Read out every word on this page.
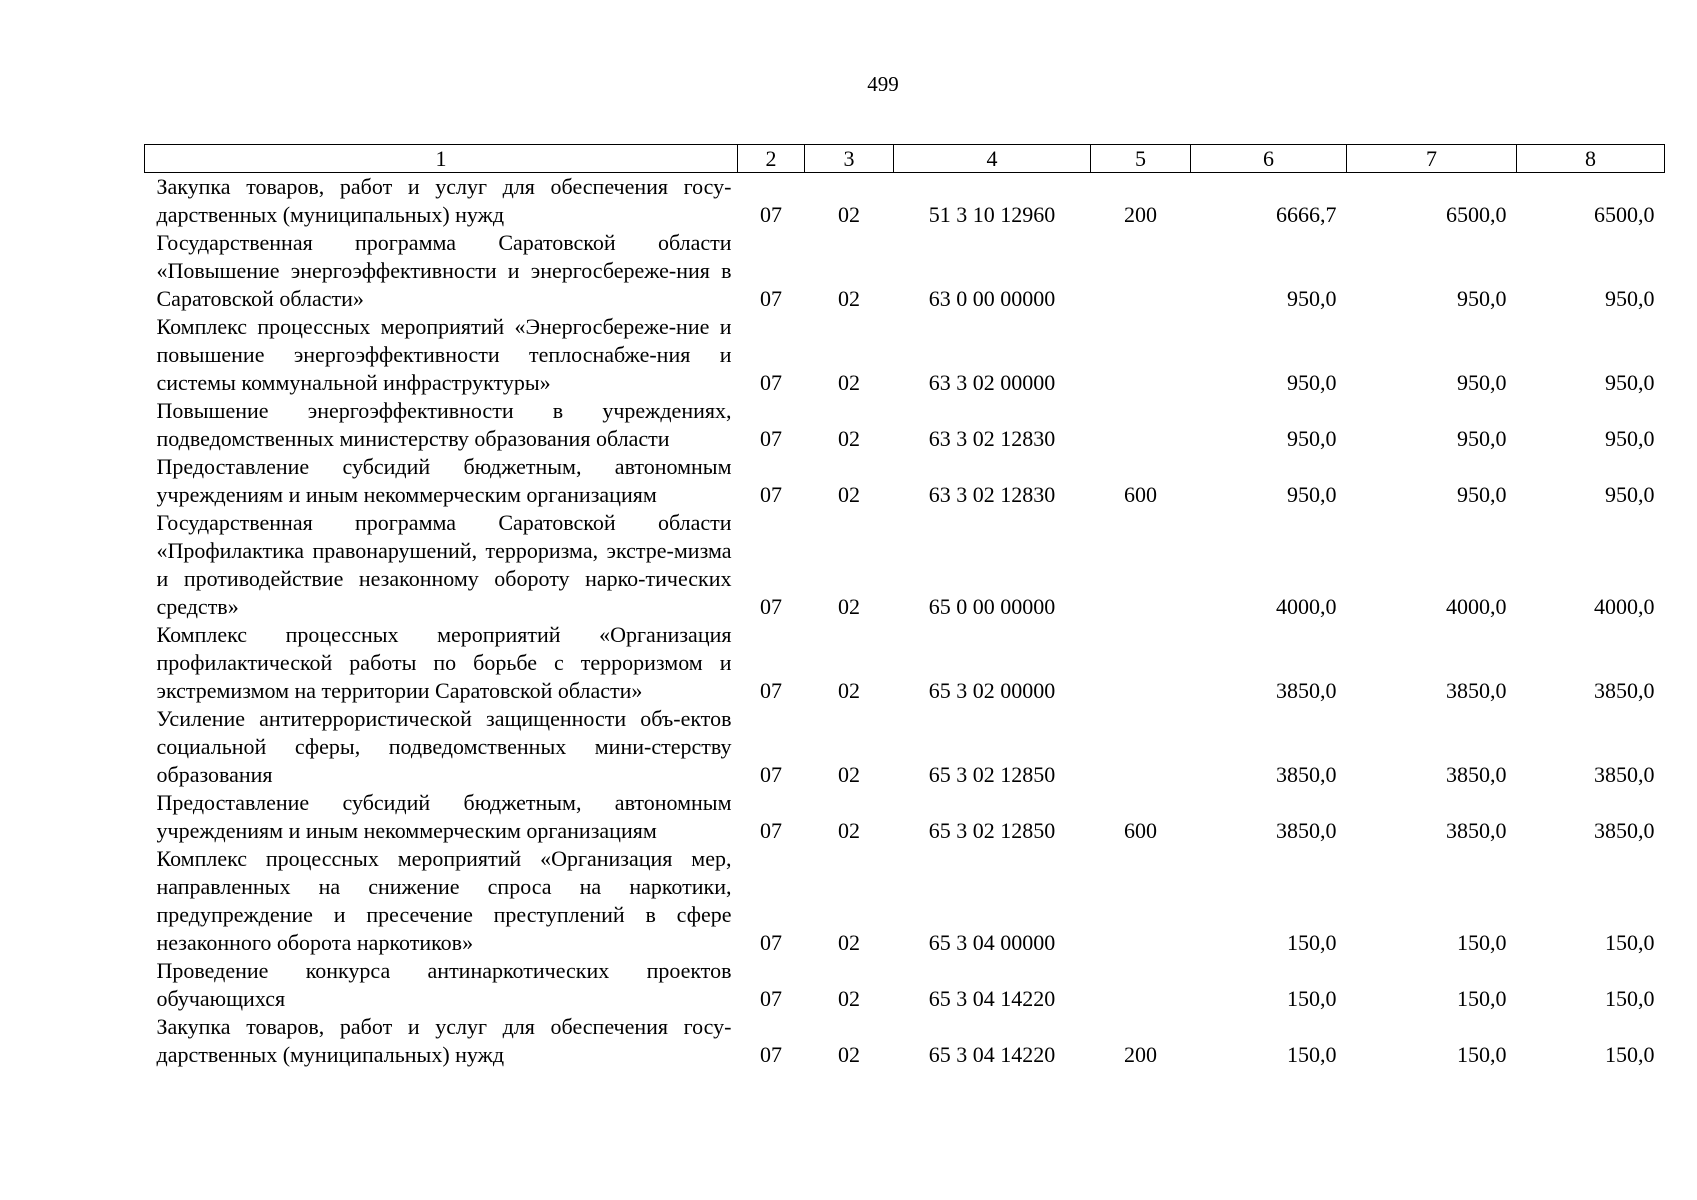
499
1	2	3	4	5	6	7	8
Закупка товаров, работ и услуг для обеспечения госу-дарственных (муниципальных) нужд	07	02	51 3 10 12960	200	6666,7	6500,0	6500,0
Государственная программа Саратовской области «Повышение энергоэффективности и энергосбереже-ния в Саратовской области»	07	02	63 0 00 00000		950,0	950,0	950,0
Комплекс процессных мероприятий «Энергосбереже-ние и повышение энергоэффективности теплоснабже-ния и системы коммунальной инфраструктуры»	07	02	63 3 02 00000		950,0	950,0	950,0
Повышение энергоэффективности в учреждениях, подведомственных министерству образования области	07	02	63 3 02 12830		950,0	950,0	950,0
Предоставление субсидий бюджетным, автономным учреждениям и иным некоммерческим организациям	07	02	63 3 02 12830	600	950,0	950,0	950,0
Государственная программа Саратовской области «Профилактика правонарушений, терроризма, экстре-мизма и противодействие незаконному обороту нарко-тических средств»	07	02	65 0 00 00000		4000,0	4000,0	4000,0
Комплекс процессных мероприятий «Организация профилактической работы по борьбе с терроризмом и экстремизмом на территории Саратовской области»	07	02	65 3 02 00000		3850,0	3850,0	3850,0
Усиление антитеррористической защищенности объ-ектов социальной сферы, подведомственных мини-стерству образования	07	02	65 3 02 12850		3850,0	3850,0	3850,0
Предоставление субсидий бюджетным, автономным учреждениям и иным некоммерческим организациям	07	02	65 3 02 12850	600	3850,0	3850,0	3850,0
Комплекс процессных мероприятий «Организация мер, направленных на снижение спроса на наркотики, предупреждение и пресечение преступлений в сфере незаконного оборота наркотиков»	07	02	65 3 04 00000		150,0	150,0	150,0
Проведение конкурса антинаркотических проектов обучающихся	07	02	65 3 04 14220		150,0	150,0	150,0
Закупка товаров, работ и услуг для обеспечения госу-дарственных (муниципальных) нужд	07	02	65 3 04 14220	200	150,0	150,0	150,0
